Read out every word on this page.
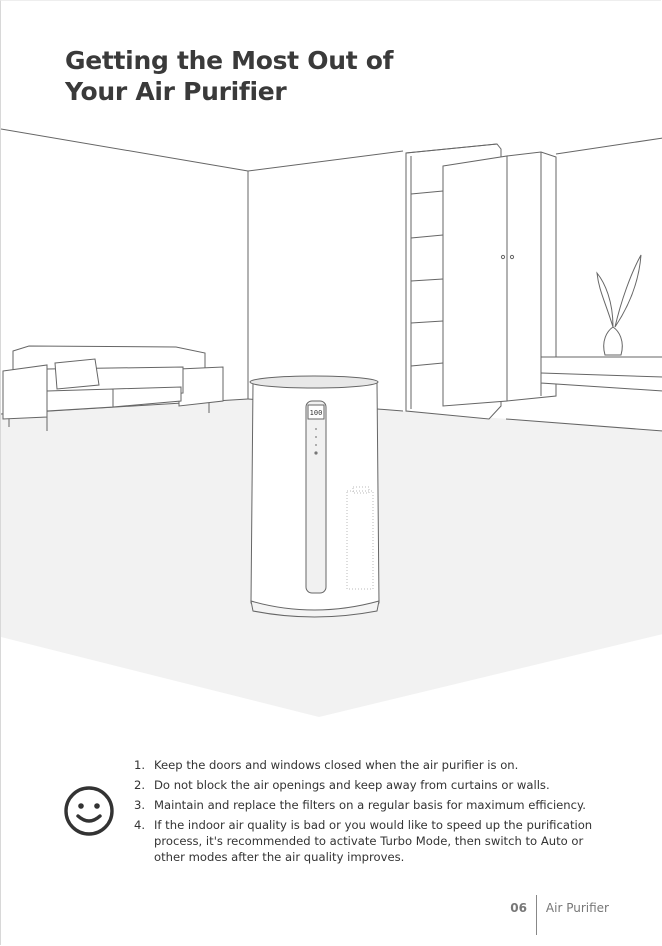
Getting the Most Out of
Your Air Purifier
100
1. Keep the doors and windows closed when the air purifier is on.
2. Do not block the air openings and keep away from curtains or walls.
3. Maintain and replace the filters on a regular basis for maximum efficiency.
4. If the indoor air quality is bad or you would like to speed up the purification process, it's recommended to activate Turbo Mode, then switch to Auto or other modes after the air quality improves.
06	Air Purifier
